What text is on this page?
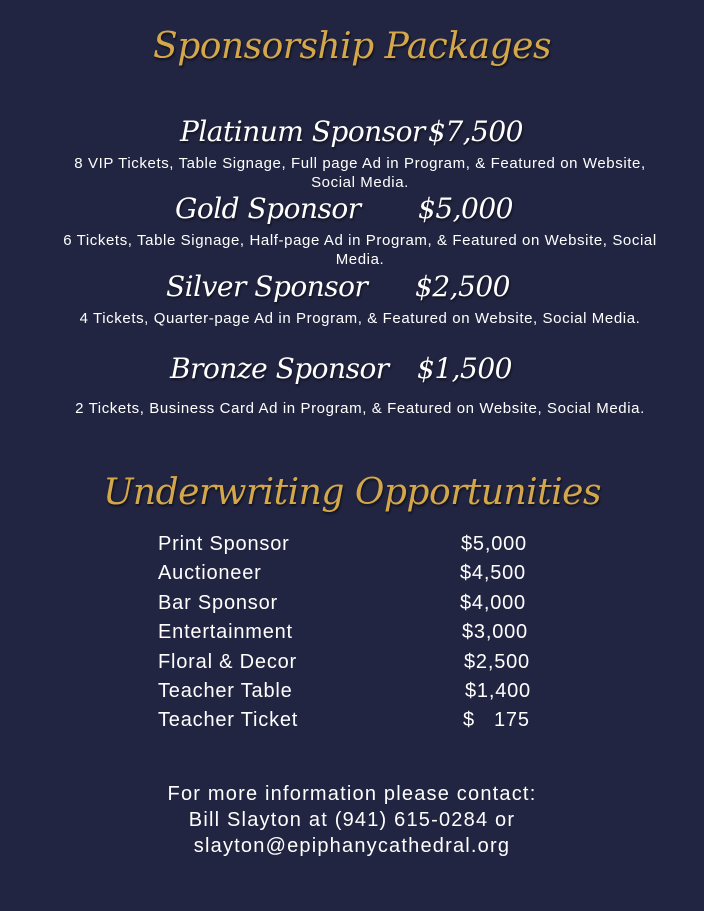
Sponsorship Packages
Platinum Sponsor $7,500
8 VIP Tickets, Table Signage, Full page Ad in Program, & Featured on Website, Social Media.
Gold Sponsor $5,000
6 Tickets, Table Signage, Half-page Ad in Program, & Featured on Website, Social Media.
Silver Sponsor $2,500
4 Tickets, Quarter-page Ad in Program, & Featured on Website, Social Media.
Bronze Sponsor $1,500
2 Tickets, Business Card Ad in Program, & Featured on Website, Social Media.
Underwriting Opportunities
Print Sponsor	$5,000
Auctioneer	$4,500
Bar Sponsor	$4,000
Entertainment	$3,000
Floral & Decor	$2,500
Teacher Table	$1,400
Teacher Ticket	$   175
For more information please contact:
Bill Slayton at (941) 615-0284 or
slayton@epiphanycathedral.org
